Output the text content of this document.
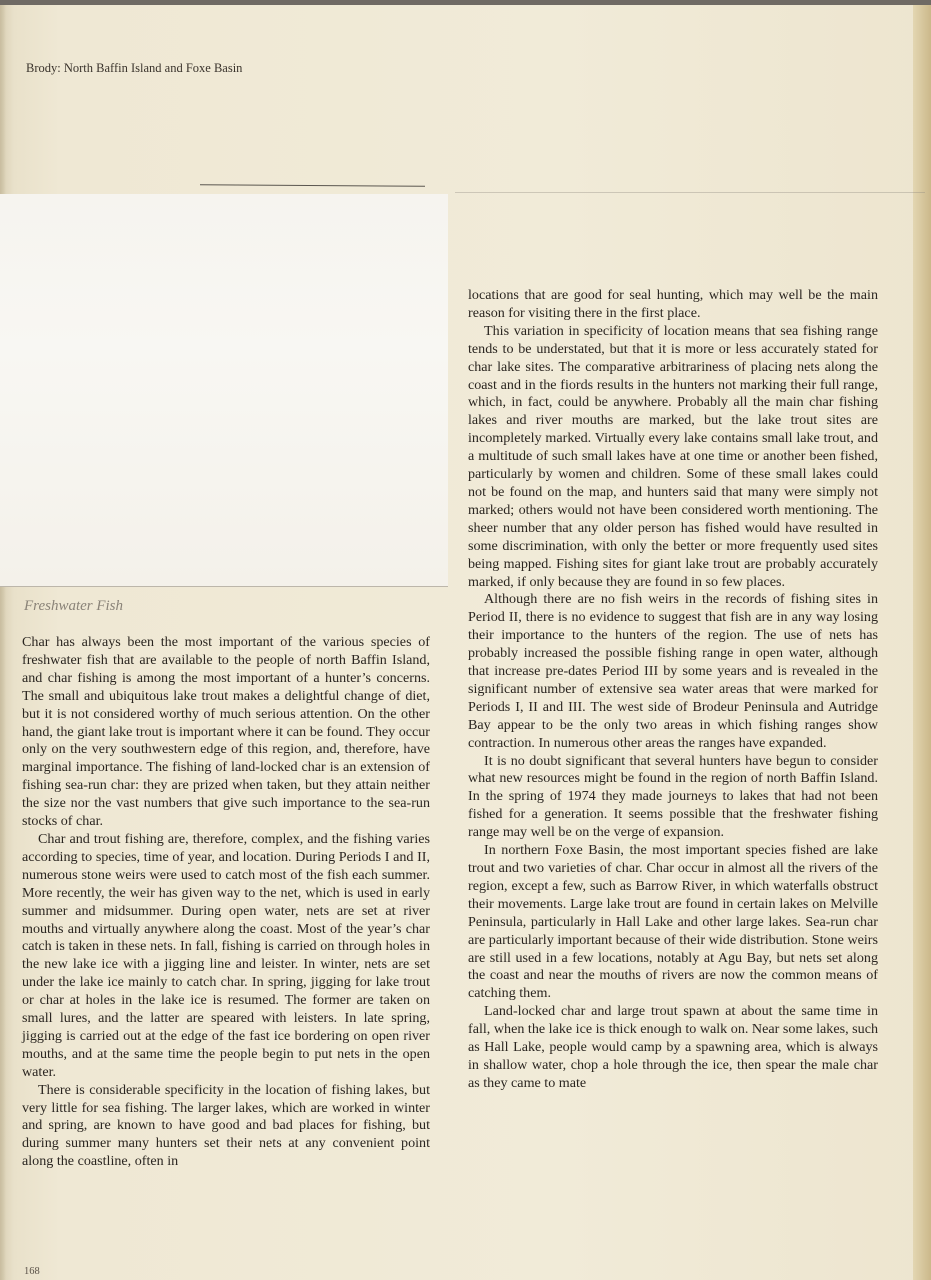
Brody: North Baffin Island and Foxe Basin
Freshwater Fish

Char has always been the most important of the various species of freshwater fish that are available to the people of north Baffin Island, and char fishing is among the most important of a hunter’s concerns. The small and ubiquitous lake trout makes a delightful change of diet, but it is not considered worthy of much serious attention. On the other hand, the giant lake trout is important where it can be found. They occur only on the very southwestern edge of this region, and, therefore, have marginal importance. The fishing of land-locked char is an extension of fishing sea-run char: they are prized when taken, but they attain neither the size nor the vast numbers that give such importance to the sea-run stocks of char.

Char and trout fishing are, therefore, complex, and the fishing varies according to species, time of year, and location. During Periods I and II, numerous stone weirs were used to catch most of the fish each summer. More recently, the weir has given way to the net, which is used in early summer and midsummer. During open water, nets are set at river mouths and virtually anywhere along the coast. Most of the year’s char catch is taken in these nets. In fall, fishing is carried on through holes in the new lake ice with a jigging line and leister. In winter, nets are set under the lake ice mainly to catch char. In spring, jigging for lake trout or char at holes in the lake ice is resumed. The former are taken on small lures, and the latter are speared with leisters. In late spring, jigging is carried out at the edge of the fast ice bordering on open river mouths, and at the same time the people begin to put nets in the open water.

There is considerable specificity in the location of fishing lakes, but very little for sea fishing. The larger lakes, which are worked in winter and spring, are known to have good and bad places for fishing, but during summer many hunters set their nets at any convenient point along the coastline, often in

locations that are good for seal hunting, which may well be the main reason for visiting there in the first place.

This variation in specificity of location means that sea fishing range tends to be understated, but that it is more or less accurately stated for char lake sites. The comparative arbitrariness of placing nets along the coast and in the fiords results in the hunters not marking their full range, which, in fact, could be anywhere. Probably all the main char fishing lakes and river mouths are marked, but the lake trout sites are incompletely marked. Virtually every lake contains small lake trout, and a multitude of such small lakes have at one time or another been fished, particularly by women and children. Some of these small lakes could not be found on the map, and hunters said that many were simply not marked; others would not have been considered worth mentioning. The sheer number that any older person has fished would have resulted in some discrimination, with only the better or more frequently used sites being mapped. Fishing sites for giant lake trout are probably accurately marked, if only because they are found in so few places.

Although there are no fish weirs in the records of fishing sites in Period II, there is no evidence to suggest that fish are in any way losing their importance to the hunters of the region. The use of nets has probably increased the possible fishing range in open water, although that increase pre-dates Period III by some years and is revealed in the significant number of extensive sea water areas that were marked for Periods I, II and III. The west side of Brodeur Peninsula and Autridge Bay appear to be the only two areas in which fishing ranges show contraction. In numerous other areas the ranges have expanded.

It is no doubt significant that several hunters have begun to consider what new resources might be found in the region of north Baffin Island. In the spring of 1974 they made journeys to lakes that had not been fished for a generation. It seems possible that the freshwater fishing range may well be on the verge of expansion.

In northern Foxe Basin, the most important species fished are lake trout and two varieties of char. Char occur in almost all the rivers of the region, except a few, such as Barrow River, in which waterfalls obstruct their movements. Large lake trout are found in certain lakes on Melville Peninsula, particularly in Hall Lake and other large lakes. Sea-run char are particularly important because of their wide distribution. Stone weirs are still used in a few locations, notably at Agu Bay, but nets set along the coast and near the mouths of rivers are now the common means of catching them.

Land-locked char and large trout spawn at about the same time in fall, when the lake ice is thick enough to walk on. Near some lakes, such as Hall Lake, people would camp by a spawning area, which is always in shallow water, chop a hole through the ice, then spear the male char as they came to mate

168
